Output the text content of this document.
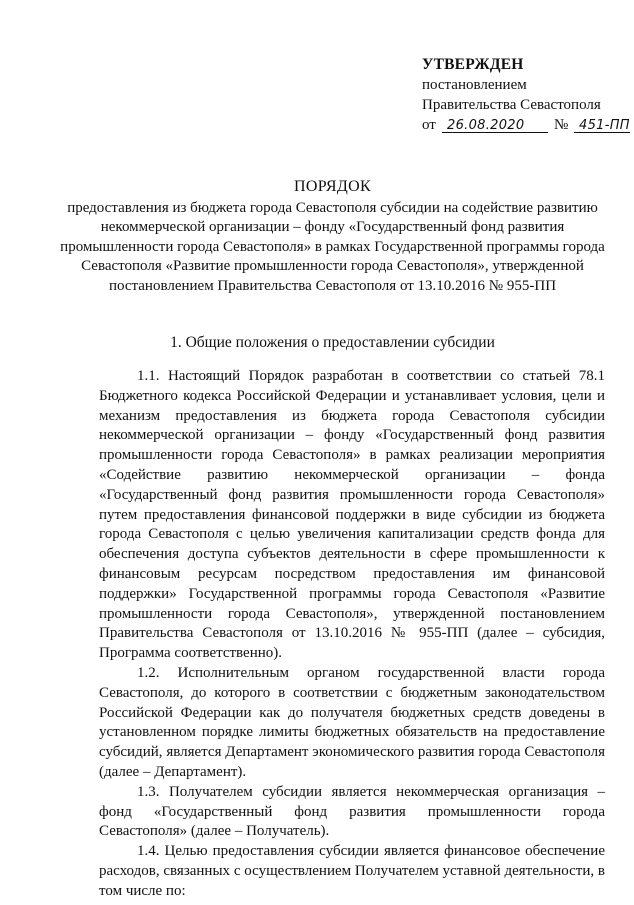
УТВЕРЖДЕН
постановлением
Правительства Севастополя
от 26.08.2020 № 451-ПП
ПОРЯДОК
предоставления из бюджета города Севастополя субсидии на содействие развитию некоммерческой организации – фонду «Государственный фонд развития промышленности города Севастополя» в рамках Государственной программы города Севастополя «Развитие промышленности города Севастополя», утвержденной постановлением Правительства Севастополя от 13.10.2016 № 955-ПП
1. Общие положения о предоставлении субсидии

1.1. Настоящий Порядок разработан в соответствии со статьей 78.1 Бюджетного кодекса Российской Федерации и устанавливает условия, цели и механизм предоставления из бюджета города Севастополя субсидии некоммерческой организации – фонду «Государственный фонд развития промышленности города Севастополя» в рамках реализации мероприятия «Содействие развитию некоммерческой организации – фонда «Государственный фонд развития промышленности города Севастополя» путем предоставления финансовой поддержки в виде субсидии из бюджета города Севастополя с целью увеличения капитализации средств фонда для обеспечения доступа субъектов деятельности в сфере промышленности к финансовым ресурсам посредством предоставления им финансовой поддержки» Государственной программы города Севастополя «Развитие промышленности города Севастополя», утвержденной постановлением Правительства Севастополя от 13.10.2016 № 955-ПП (далее – субсидия, Программа соответственно).

1.2. Исполнительным органом государственной власти города Севастополя, до которого в соответствии с бюджетным законодательством Российской Федерации как до получателя бюджетных средств доведены в установленном порядке лимиты бюджетных обязательств на предоставление субсидий, является Департамент экономического развития города Севастополя (далее – Департамент).

1.3. Получателем субсидии является некоммерческая организация – фонд «Государственный фонд развития промышленности города Севастополя» (далее – Получатель).

1.4. Целью предоставления субсидии является финансовое обеспечение расходов, связанных с осуществлением Получателем уставной деятельности, в том числе по:
